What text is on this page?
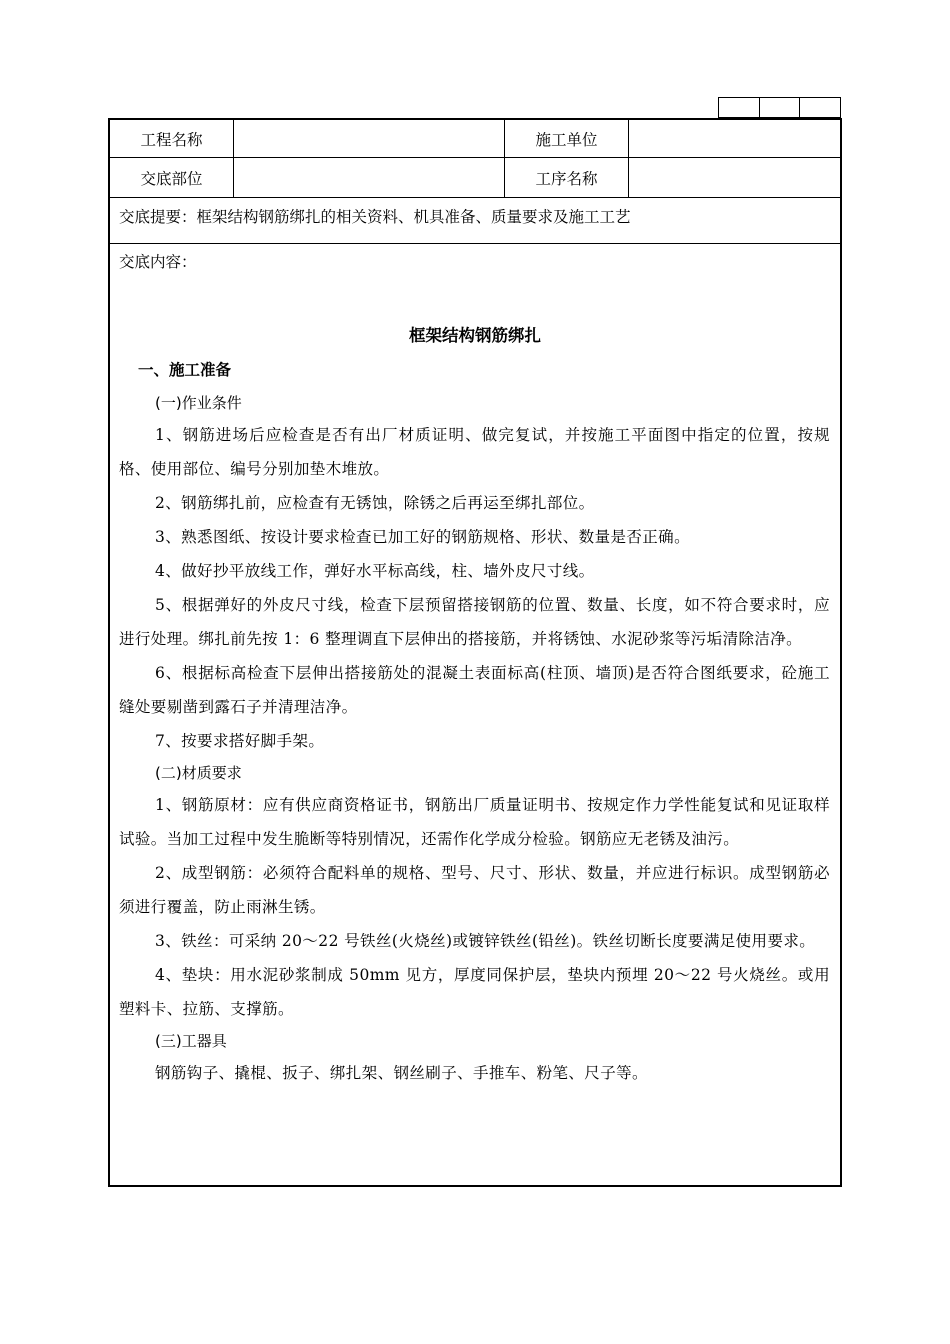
工程名称	施工单位
交底部位	工序名称
交底提要：框架结构钢筋绑扎的相关资料、机具准备、质量要求及施工工艺
交底内容：
框架结构钢筋绑扎
一、施工准备
(一)作业条件

1、钢筋进场后应检查是否有出厂材质证明、做完复试，并按施工平面图中指定的位置，按规格、使用部位、编号分别加垫木堆放。

2、钢筋绑扎前，应检查有无锈蚀，除锈之后再运至绑扎部位。

3、熟悉图纸、按设计要求检查已加工好的钢筋规格、形状、数量是否正确。

4、做好抄平放线工作，弹好水平标高线，柱、墙外皮尺寸线。

5、根据弹好的外皮尺寸线，检查下层预留搭接钢筋的位置、数量、长度，如不符合要求时，应进行处理。绑扎前先按 1：6 整理调直下层伸出的搭接筋，并将锈蚀、水泥砂浆等污垢清除洁净。

6、根据标高检查下层伸出搭接筋处的混凝土表面标高(柱顶、墙顶)是否符合图纸要求，砼施工缝处要剔凿到露石子并清理洁净。

7、按要求搭好脚手架。

(二)材质要求

1、钢筋原材：应有供应商资格证书，钢筋出厂质量证明书、按规定作力学性能复试和见证取样试验。当加工过程中发生脆断等特别情况，还需作化学成分检验。钢筋应无老锈及油污。

2、成型钢筋：必须符合配料单的规格、型号、尺寸、形状、数量，并应进行标识。成型钢筋必须进行覆盖，防止雨淋生锈。

3、铁丝：可采纳 20～22 号铁丝(火烧丝)或镀锌铁丝(铅丝)。铁丝切断长度要满足使用要求。

4、垫块：用水泥砂浆制成 50mm 见方，厚度同保护层，垫块内预埋 20～22 号火烧丝。或用塑料卡、拉筋、支撑筋。

(三)工器具

钢筋钩子、撬棍、扳子、绑扎架、钢丝刷子、手推车、粉笔、尺子等。
